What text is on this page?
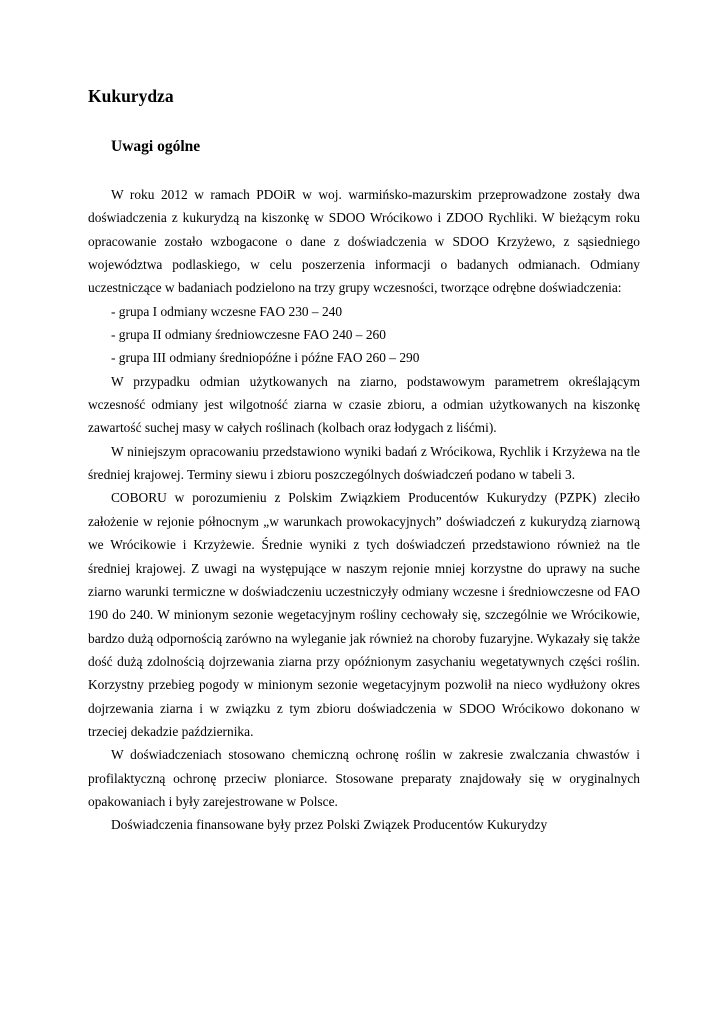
Kukurydza
Uwagi ogólne

W roku 2012 w ramach PDOiR w woj. warmińsko-mazurskim przeprowadzone zostały dwa doświadczenia z kukurydzą na kiszonkę w SDOO Wrócikowo i ZDOO Rychliki. W bieżącym roku opracowanie zostało wzbogacone o dane z doświadczenia w SDOO Krzyżewo, z sąsiedniego województwa podlaskiego, w celu poszerzenia informacji o badanych odmianach. Odmiany uczestniczące w badaniach podzielono na trzy grupy wczesności, tworzące odrębne doświadczenia:

- grupa I odmiany wczesne FAO 230 – 240

- grupa II odmiany średniowczesne FAO 240 – 260

- grupa III odmiany średniopóźne i późne FAO 260 – 290

W przypadku odmian użytkowanych na ziarno, podstawowym parametrem określającym wczesność odmiany jest wilgotność ziarna w czasie zbioru, a odmian użytkowanych na kiszonkę zawartość suchej masy w całych roślinach (kolbach oraz łodygach z liśćmi).

W niniejszym opracowaniu przedstawiono wyniki badań z Wrócikowa, Rychlik i Krzyżewa na tle średniej krajowej. Terminy siewu i zbioru poszczególnych doświadczeń podano w tabeli 3.

COBORU w porozumieniu z Polskim Związkiem Producentów Kukurydzy (PZPK) zleciło założenie w rejonie północnym „w warunkach prowokacyjnych” doświadczeń z kukurydzą ziarnową we Wrócikowie i Krzyżewie. Średnie wyniki z tych doświadczeń przedstawiono również na tle średniej krajowej. Z uwagi na występujące w naszym rejonie mniej korzystne do uprawy na suche ziarno warunki termiczne w doświadczeniu uczestniczyły odmiany wczesne i średniowczesne od FAO 190 do 240. W minionym sezonie wegetacyjnym rośliny cechowały się, szczególnie we Wrócikowie, bardzo dużą odpornością zarówno na wyleganie jak również na choroby fuzaryjne. Wykazały się także dość dużą zdolnością dojrzewania ziarna przy opóźnionym zasychaniu wegetatywnych części roślin. Korzystny przebieg pogody w minionym sezonie wegetacyjnym pozwolił na nieco wydłużony okres dojrzewania ziarna i w związku z tym zbioru doświadczenia w SDOO Wrócikowo dokonano w trzeciej dekadzie października.

W doświadczeniach stosowano chemiczną ochronę roślin w zakresie zwalczania chwastów i profilaktyczną ochronę przeciw ploniarce. Stosowane preparaty znajdowały się w oryginalnych opakowaniach i były zarejestrowane w Polsce.

Doświadczenia finansowane były przez Polski Związek Producentów Kukurydzy
